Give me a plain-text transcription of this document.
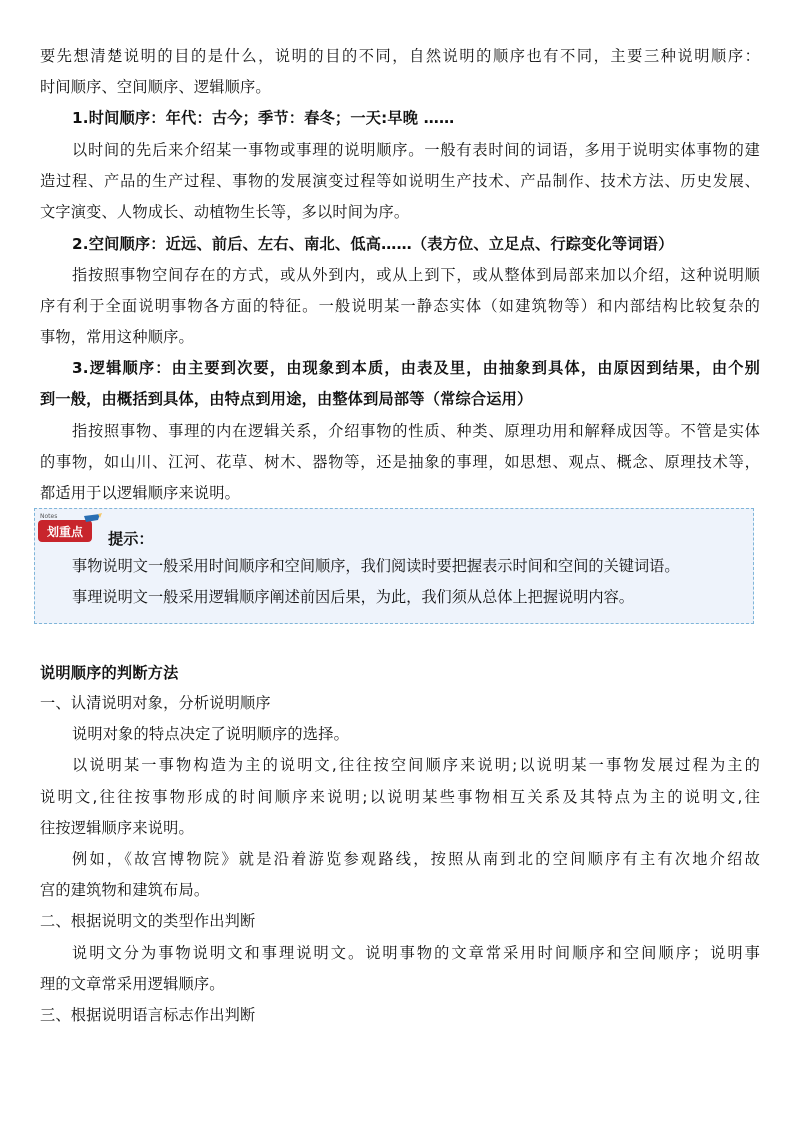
要先想清楚说明的目的是什么，说明的目的不同，自然说明的顺序也有不同，主要三种说明顺序：
时间顺序、空间顺序、逻辑顺序。
1.时间顺序：年代：古今；季节：春冬；一天:早晚 ……
以时间的先后来介绍某一事物或事理的说明顺序。一般有表时间的词语，多用于说明实体事物的建
造过程、产品的生产过程、事物的发展演变过程等如说明生产技术、产品制作、技术方法、历史发展、
文字演变、人物成长、动植物生长等，多以时间为序。
2.空间顺序：近远、前后、左右、南北、低高……（表方位、立足点、行踪变化等词语）
指按照事物空间存在的方式，或从外到内，或从上到下，或从整体到局部来加以介绍，这种说明顺
序有利于全面说明事物各方面的特征。一般说明某一静态实体（如建筑物等）和内部结构比较复杂的
事物，常用这种顺序。
3.逻辑顺序：由主要到次要，由现象到本质，由表及里，由抽象到具体，由原因到结果，由个别
到一般，由概括到具体，由特点到用途，由整体到局部等（常综合运用）
指按照事物、事理的内在逻辑关系，介绍事物的性质、种类、原理功用和解释成因等。不管是实体
的事物，如山川、江河、花草、树木、器物等，还是抽象的事理，如思想、观点、概念、原理技术等，
都适用于以逻辑顺序来说明。
Notes
划重点 提示：
事物说明文一般采用时间顺序和空间顺序，我们阅读时要把握表示时间和空间的关键词语。
事理说明文一般采用逻辑顺序阐述前因后果，为此，我们须从总体上把握说明内容。
说明顺序的判断方法
一、认清说明对象，分析说明顺序
说明对象的特点决定了说明顺序的选择。
以说明某一事物构造为主的说明文,往往按空间顺序来说明;以说明某一事物发展过程为主的
说明文,往往按事物形成的时间顺序来说明;以说明某些事物相互关系及其特点为主的说明文,往
往按逻辑顺序来说明。
例如，《故宫博物院》就是沿着游览参观路线，按照从南到北的空间顺序有主有次地介绍故
宫的建筑物和建筑布局。
二、根据说明文的类型作出判断
说明文分为事物说明文和事理说明文。说明事物的文章常采用时间顺序和空间顺序；说明事
理的文章常采用逻辑顺序。
三、根据说明语言标志作出判断
